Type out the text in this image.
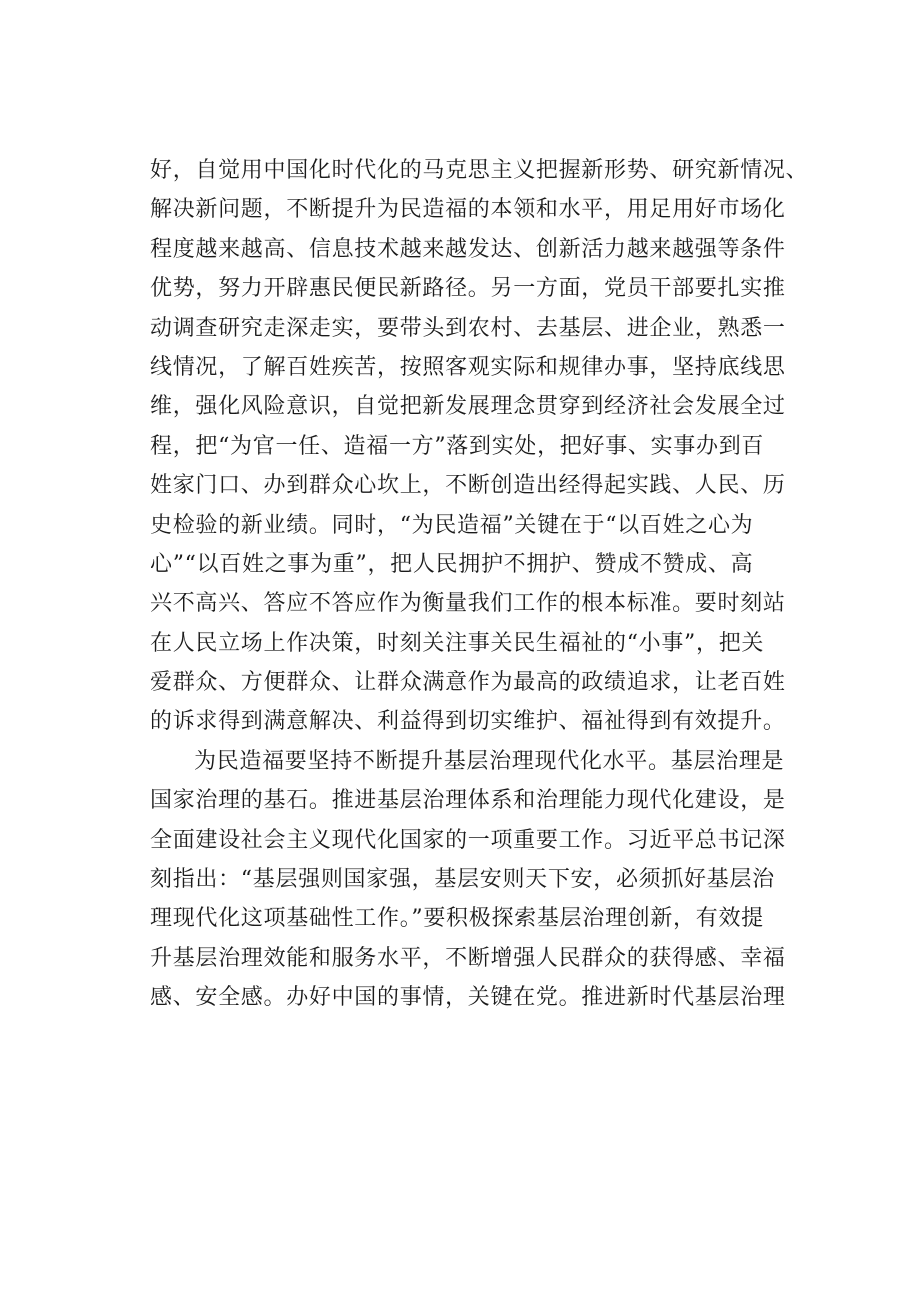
好，自觉用中国化时代化的马克思主义把握新形势、研究新情况、
解决新问题，不断提升为民造福的本领和水平，用足用好市场化
程度越来越高、信息技术越来越发达、创新活力越来越强等条件
优势，努力开辟惠民便民新路径。另一方面，党员干部要扎实推
动调查研究走深走实，要带头到农村、去基层、进企业，熟悉一
线情况，了解百姓疾苦，按照客观实际和规律办事，坚持底线思
维，强化风险意识，自觉把新发展理念贯穿到经济社会发展全过
程，把“为官一任、造福一方”落到实处，把好事、实事办到百
姓家门口、办到群众心坎上，不断创造出经得起实践、人民、历
史检验的新业绩。同时，“为民造福”关键在于“以百姓之心为
心”“以百姓之事为重”，把人民拥护不拥护、赞成不赞成、高
兴不高兴、答应不答应作为衡量我们工作的根本标准。要时刻站
在人民立场上作决策，时刻关注事关民生福祉的“小事”，把关
爱群众、方便群众、让群众满意作为最高的政绩追求，让老百姓
的诉求得到满意解决、利益得到切实维护、福祉得到有效提升。
为民造福要坚持不断提升基层治理现代化水平。基层治理是
国家治理的基石。推进基层治理体系和治理能力现代化建设，是
全面建设社会主义现代化国家的一项重要工作。习近平总书记深
刻指出：“基层强则国家强，基层安则天下安，必须抓好基层治
理现代化这项基础性工作。”要积极探索基层治理创新，有效提
升基层治理效能和服务水平，不断增强人民群众的获得感、幸福
感、安全感。办好中国的事情，关键在党。推进新时代基层治理
